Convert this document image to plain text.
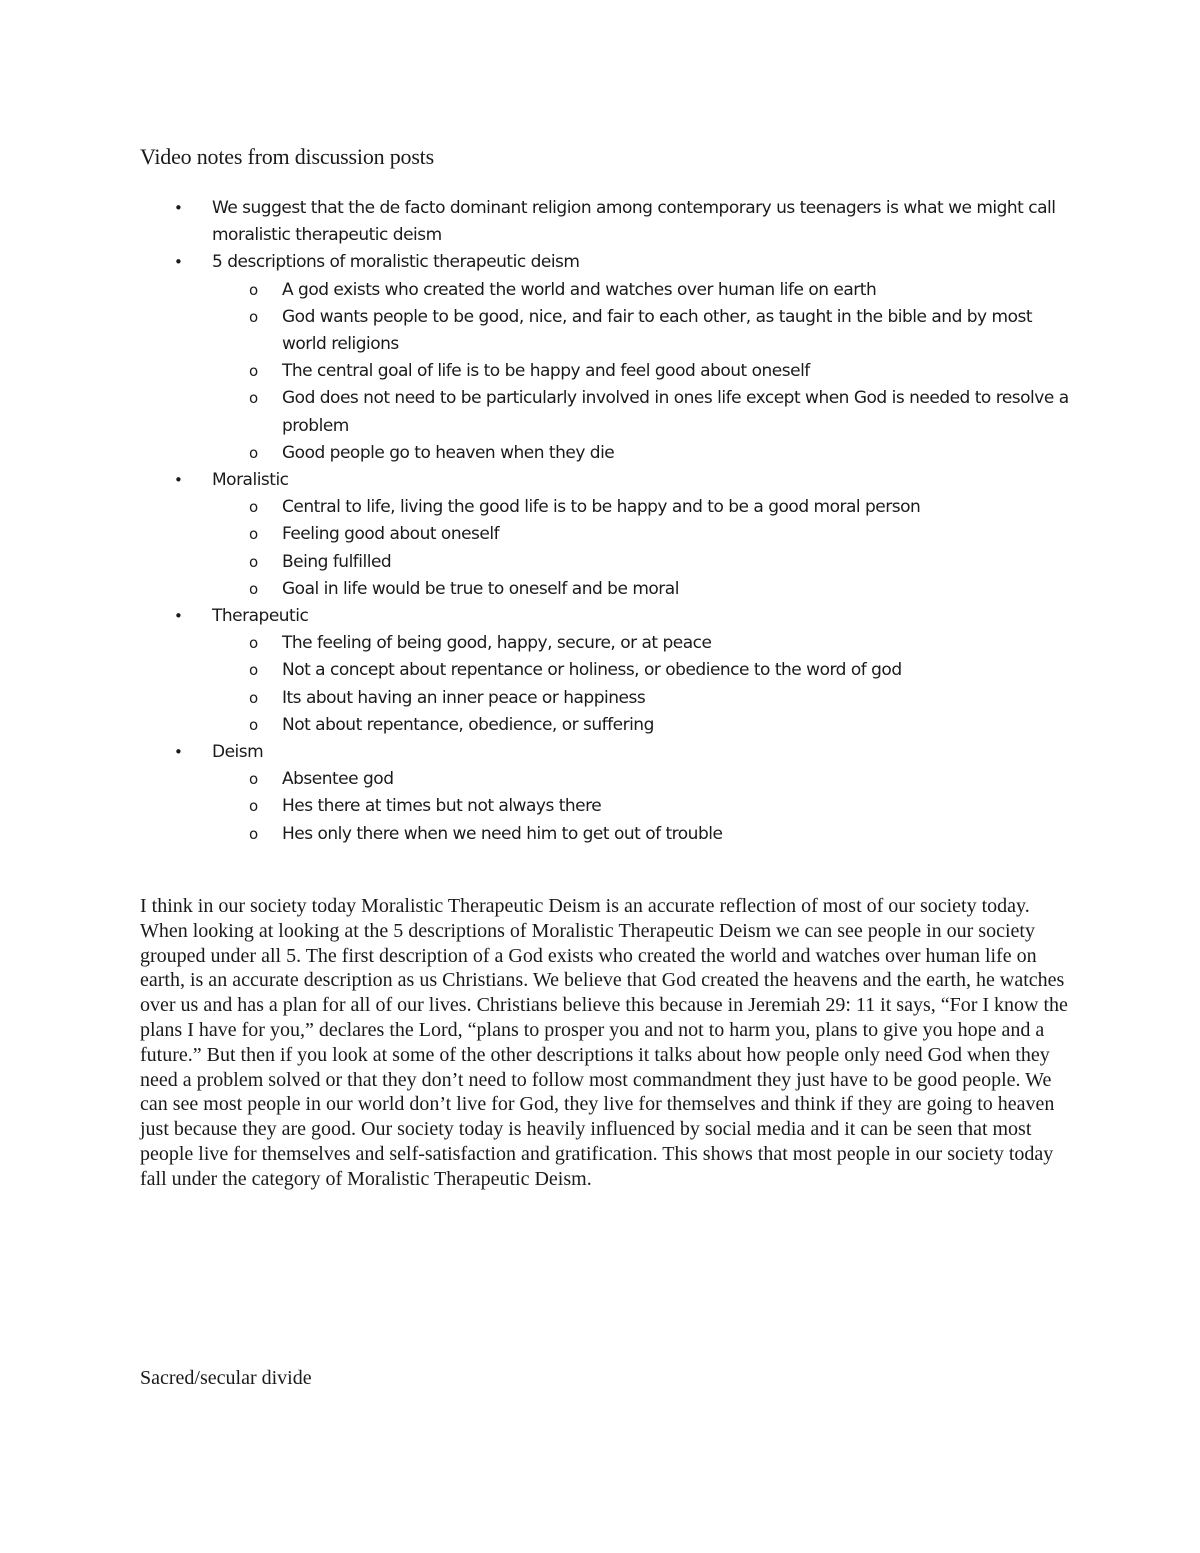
Video notes from discussion posts
• We suggest that the de facto dominant religion among contemporary us teenagers is what we might call moralistic therapeutic deism
• 5 descriptions of moralistic therapeutic deism
o A god exists who created the world and watches over human life on earth
o God wants people to be good, nice, and fair to each other, as taught in the bible and by most world religions
o The central goal of life is to be happy and feel good about oneself
o God does not need to be particularly involved in ones life except when God is needed to resolve a problem
o Good people go to heaven when they die
• Moralistic
o Central to life, living the good life is to be happy and to be a good moral person
o Feeling good about oneself
o Being fulfilled
o Goal in life would be true to oneself and be moral
• Therapeutic
o The feeling of being good, happy, secure, or at peace
o Not a concept about repentance or holiness, or obedience to the word of god
o Its about having an inner peace or happiness
o Not about repentance, obedience, or suffering
• Deism
o Absentee god
o Hes there at times but not always there
o Hes only there when we need him to get out of trouble
I think in our society today Moralistic Therapeutic Deism is an accurate reflection of most of our society today. When looking at looking at the 5 descriptions of Moralistic Therapeutic Deism we can see people in our society grouped under all 5. The first description of a God exists who created the world and watches over human life on earth, is an accurate description as us Christians. We believe that God created the heavens and the earth, he watches over us and has a plan for all of our lives. Christians believe this because in Jeremiah 29: 11 it says, “For I know the plans I have for you,” declares the Lord, “plans to prosper you and not to harm you, plans to give you hope and a future.” But then if you look at some of the other descriptions it talks about how people only need God when they need a problem solved or that they don’t need to follow most commandment they just have to be good people. We can see most people in our world don’t live for God, they live for themselves and think if they are going to heaven just because they are good. Our society today is heavily influenced by social media and it can be seen that most people live for themselves and self-satisfaction and gratification. This shows that most people in our society today fall under the category of Moralistic Therapeutic Deism.
Sacred/secular divide
